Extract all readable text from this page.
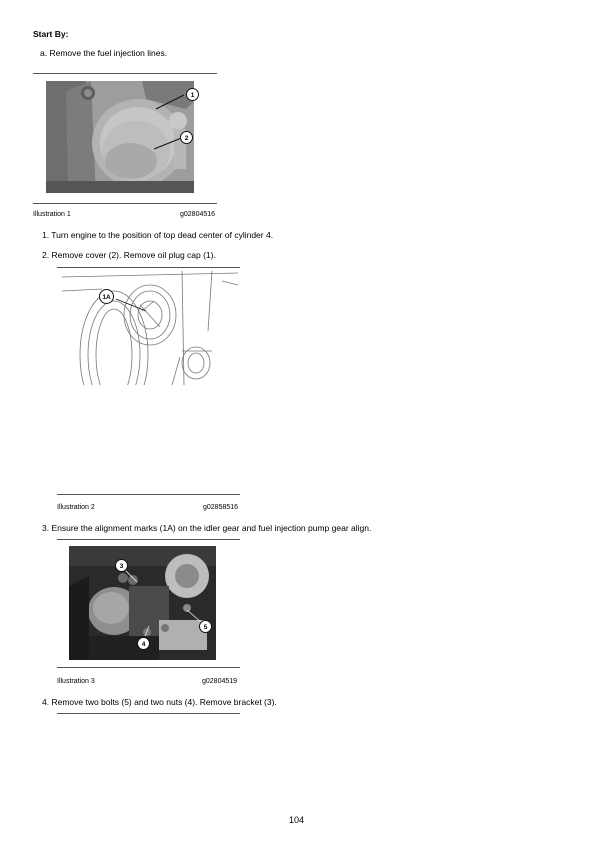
Start By:
a. Remove the fuel injection lines.
1
2
Illustration 1	g02804516
1. Turn engine to the position of top dead center of cylinder 4.
2. Remove cover (2). Remove oil plug cap (1).
1A
Illustration 2	g02858516
3. Ensure the alignment marks (1A) on the idler gear and fuel injection pump gear align.
3
4
5
Illustration 3	g02804519
4. Remove two bolts (5) and two nuts (4). Remove bracket (3).
104
